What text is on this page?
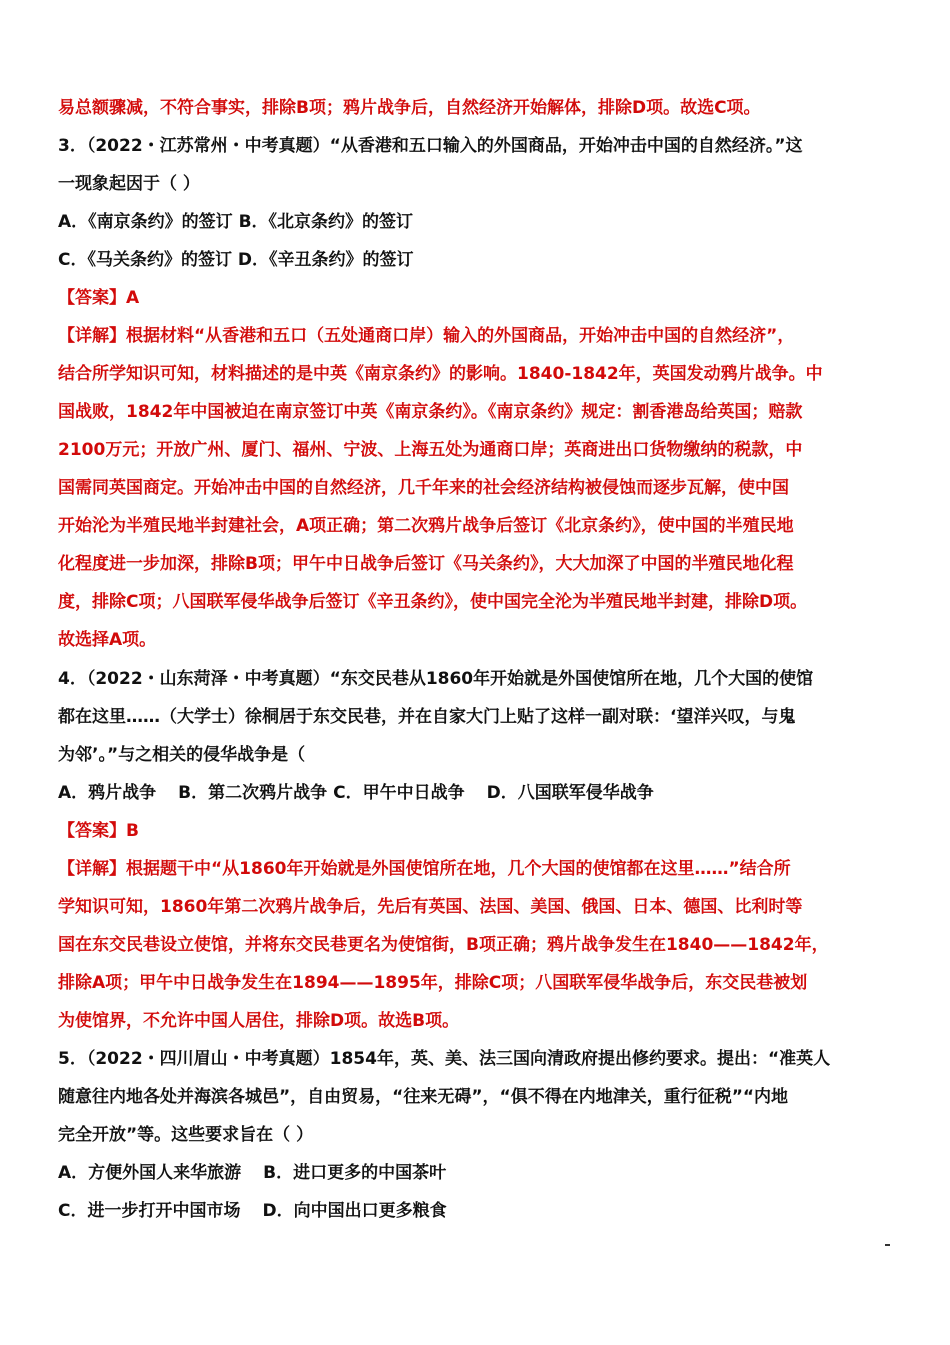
易总额骤减，不符合事实，排除B项；鸦片战争后，自然经济开始解体，排除D项。故选C项。
3．（2022・江苏常州・中考真题）“从香港和五口输入的外国商品，开始冲击中国的自然经济。”这
一现象起因于（ ）
A．《南京条约》的签订 B．《北京条约》的签订
C．《马关条约》的签订 D．《辛丑条约》的签订
【答案】A
【详解】根据材料“从香港和五口（五处通商口岸）输入的外国商品，开始冲击中国的自然经济”，
结合所学知识可知，材料描述的是中英《南京条约》的影响。1840-1842年，英国发动鸦片战争。中
国战败，1842年中国被迫在南京签订中英《南京条约》。《南京条约》规定：割香港岛给英国；赔款
2100万元；开放广州、厦门、福州、宁波、上海五处为通商口岸；英商进出口货物缴纳的税款，中
国需同英国商定。开始冲击中国的自然经济，几千年来的社会经济结构被侵蚀而逐步瓦解，使中国
开始沦为半殖民地半封建社会，A项正确；第二次鸦片战争后签订《北京条约》，使中国的半殖民地
化程度进一步加深，排除B项；甲午中日战争后签订《马关条约》，大大加深了中国的半殖民地化程
度，排除C项；八国联军侵华战争后签订《辛丑条约》，使中国完全沦为半殖民地半封建，排除D项。
故选择A项。
4．（2022・山东菏泽・中考真题）“东交民巷从1860年开始就是外国使馆所在地，几个大国的使馆
都在这里……（大学士）徐桐居于东交民巷，并在自家大门上贴了这样一副对联：‘望洋兴叹，与鬼
为邻’。”与之相关的侵华战争是（
A．鸦片战争 B．第二次鸦片战争 C．甲午中日战争 D．八国联军侵华战争
【答案】B
【详解】根据题干中“从1860年开始就是外国使馆所在地，几个大国的使馆都在这里……”结合所
学知识可知，1860年第二次鸦片战争后，先后有英国、法国、美国、俄国、日本、德国、比利时等
国在东交民巷设立使馆，并将东交民巷更名为使馆街，B项正确；鸦片战争发生在1840——1842年，
排除A项；甲午中日战争发生在1894——1895年，排除C项；八国联军侵华战争后，东交民巷被划
为使馆界，不允许中国人居住，排除D项。故选B项。
5．（2022・四川眉山・中考真题）1854年，英、美、法三国向清政府提出修约要求。提出：“准英人
随意往内地各处并海滨各城邑”，自由贸易，“往来无碍”，“俱不得在内地津关，重行征税”“内地
完全开放”等。这些要求旨在（ ）
A．方便外国人来华旅游 B．进口更多的中国茶叶
C．进一步打开中国市场 D．向中国出口更多粮食
